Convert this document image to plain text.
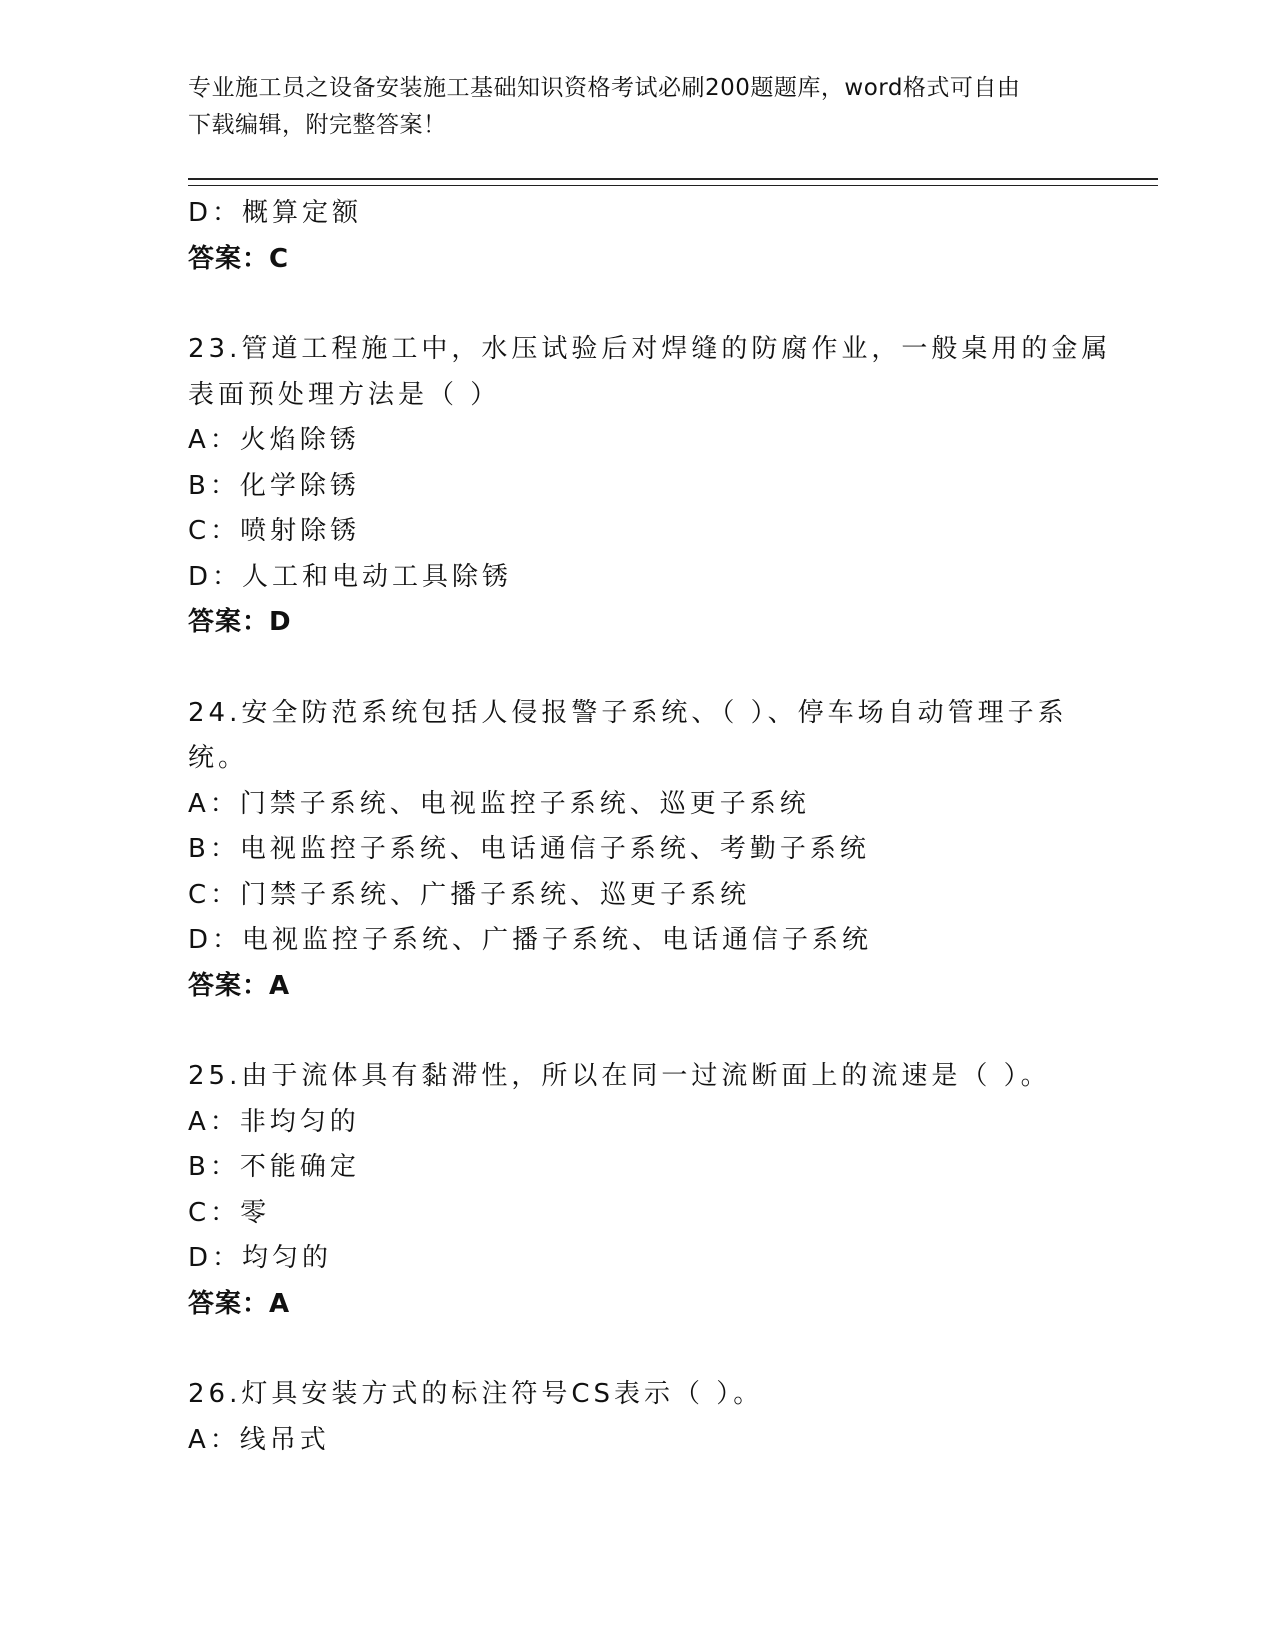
专业施工员之设备安装施工基础知识资格考试必刷200题题库，word格式可自由
下载编辑，附完整答案！
D：概算定额
答案：C
23.管道工程施工中，水压试验后对焊缝的防腐作业，一般桌用的金属
表面预处理方法是（ ）
A：火焰除锈
B：化学除锈
C：喷射除锈
D：人工和电动工具除锈
答案：D
24.安全防范系统包括人侵报警子系统、（ ）、停车场自动管理子系
统。
A：门禁子系统、电视监控子系统、巡更子系统
B：电视监控子系统、电话通信子系统、考勤子系统
C：门禁子系统、广播子系统、巡更子系统
D：电视监控子系统、广播子系统、电话通信子系统
答案：A
25.由于流体具有黏滞性，所以在同一过流断面上的流速是（ ）。
A：非均匀的
B：不能确定
C：零
D：均匀的
答案：A
26.灯具安装方式的标注符号CS表示（ ）。
A：线吊式
